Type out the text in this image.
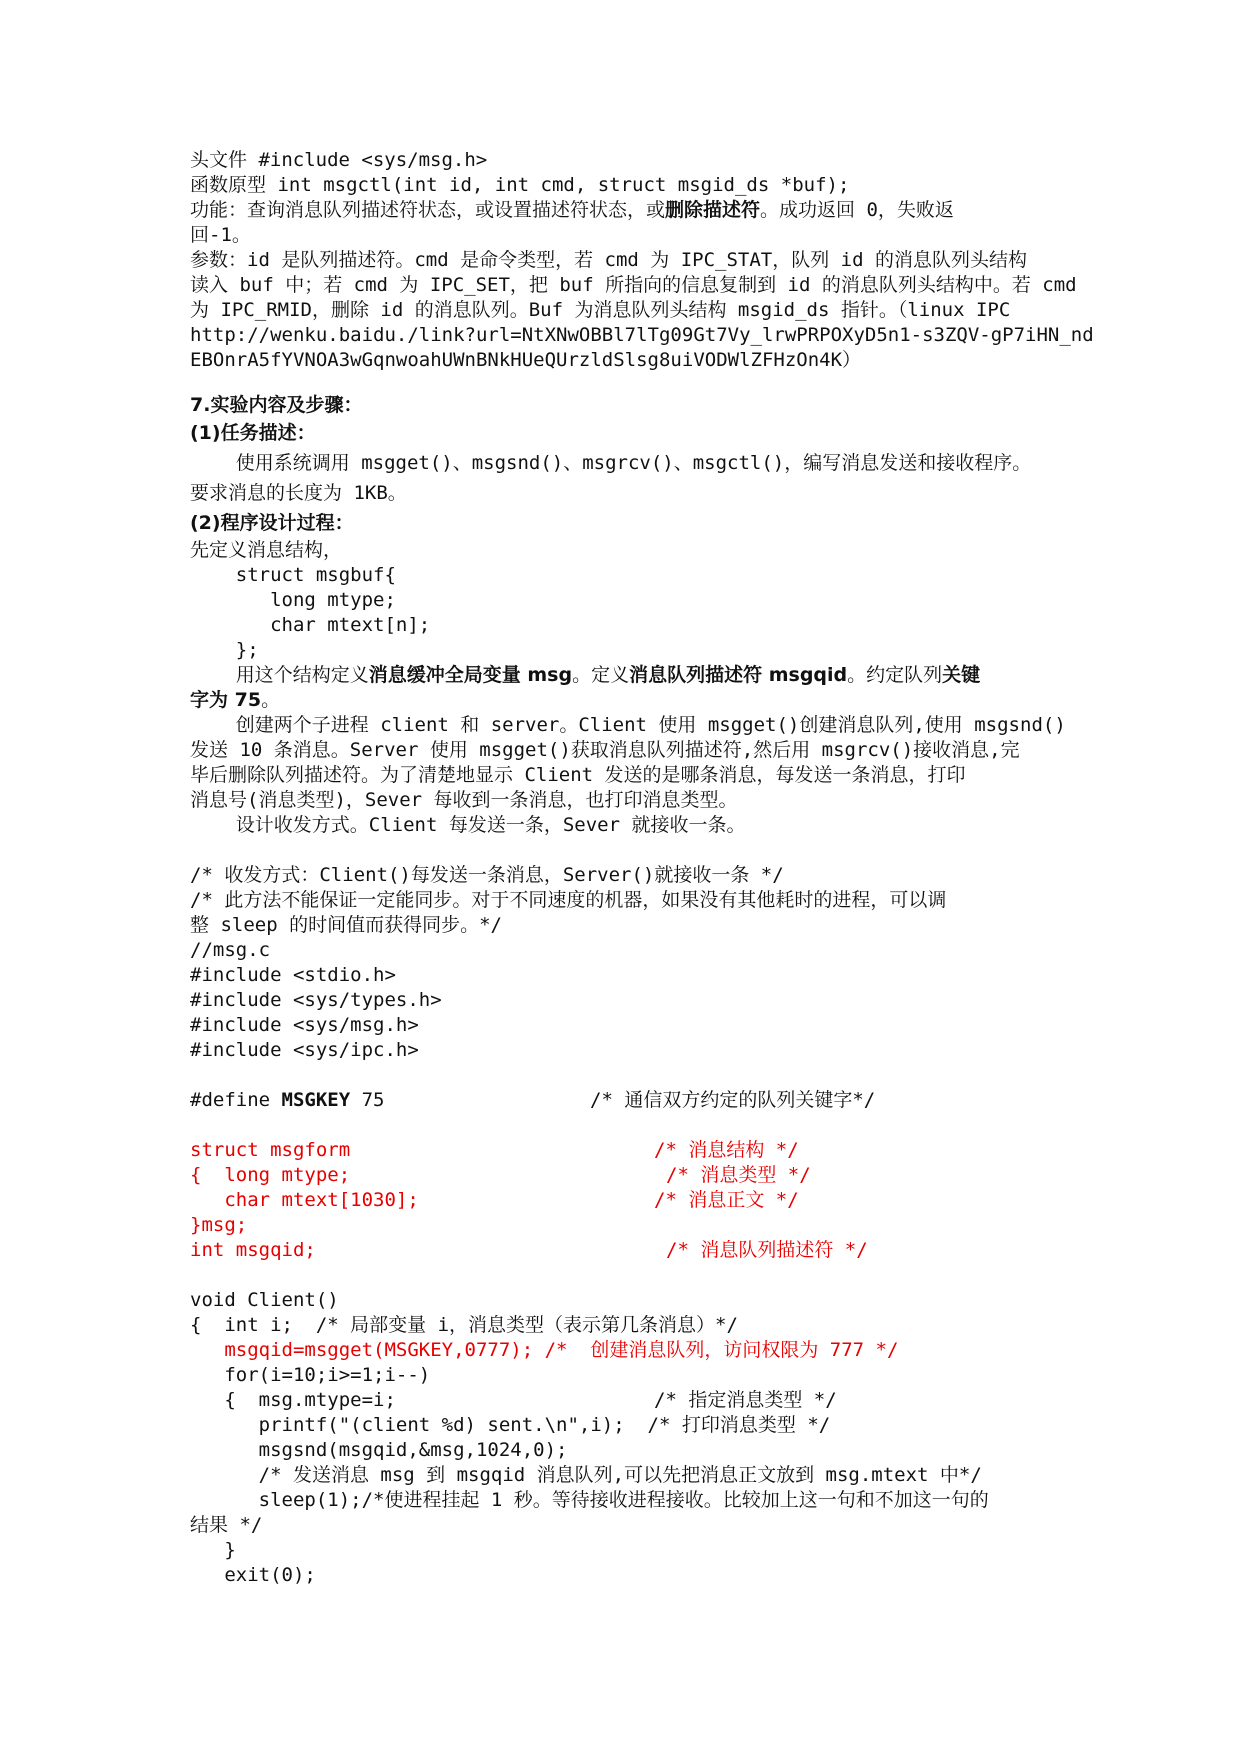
头文件 #include <sys/msg.h>
函数原型 int msgctl(int id, int cmd, struct msgid_ds *buf);
功能：查询消息队列描述符状态，或设置描述符状态，或删除描述符。成功返回 0，失败返
回-1。
参数：id 是队列描述符。cmd 是命令类型，若 cmd 为 IPC_STAT，队列 id 的消息队列头结构
读入 buf 中；若 cmd 为 IPC_SET，把 buf 所指向的信息复制到 id 的消息队列头结构中。若 cmd
为 IPC_RMID，删除 id 的消息队列。Buf 为消息队列头结构 msgid_ds 指针。（linux IPC
http://wenku.baidu./link?url=NtXNwOBBl7lTg09Gt7Vy_lrwPRPOXyD5n1-s3ZQV-gP7iHN_nd
EBOnrA5fYVNOA3wGqnwoahUWnBNkHUeQUrzldSlsg8uiVODWlZFHzOn4K）
7.实验内容及步骤：
(1)任务描述：
使用系统调用 msgget()、msgsnd()、msgrcv()、msgctl()，编写消息发送和接收程序。
要求消息的长度为 1KB。
(2)程序设计过程：
先定义消息结构，
struct msgbuf{
long mtype;
char mtext[n];
};
用这个结构定义消息缓冲全局变量 msg。定义消息队列描述符 msgqid。约定队列关键
字为 75。
创建两个子进程 client 和 server。Client 使用 msgget()创建消息队列,使用 msgsnd()
发送 10 条消息。Server 使用 msgget()获取消息队列描述符,然后用 msgrcv()接收消息,完
毕后删除队列描述符。为了清楚地显示 Client 发送的是哪条消息，每发送一条消息，打印
消息号(消息类型)，Sever 每收到一条消息，也打印消息类型。
设计收发方式。Client 每发送一条，Sever 就接收一条。
/* 收发方式：Client()每发送一条消息，Server()就接收一条 */
/* 此方法不能保证一定能同步。对于不同速度的机器，如果没有其他耗时的进程，可以调
整 sleep 的时间值而获得同步。*/
//msg.c
#include <stdio.h>
#include <sys/types.h>
#include <sys/msg.h>
#include <sys/ipc.h>
#define MSGKEY 75	/* 通信双方约定的队列关键字*/
struct msgform	/* 消息结构 */
{  long mtype;	/* 消息类型 */
char mtext[1030];	/* 消息正文 */
}msg;
int msgqid;	/* 消息队列描述符 */
void Client()
{  int i;  /* 局部变量 i，消息类型（表示第几条消息）*/
msgqid=msgget(MSGKEY,0777); /*  创建消息队列，访问权限为 777 */
for(i=10;i>=1;i--)
{  msg.mtype=i;	/* 指定消息类型 */
printf("(client %d) sent.\n",i);  /* 打印消息类型 */
msgsnd(msgqid,&msg,1024,0);
/* 发送消息 msg 到 msgqid 消息队列,可以先把消息正文放到 msg.mtext 中*/
sleep(1);/*使进程挂起 1 秒。等待接收进程接收。比较加上这一句和不加这一句的
结果 */
}
exit(0);
